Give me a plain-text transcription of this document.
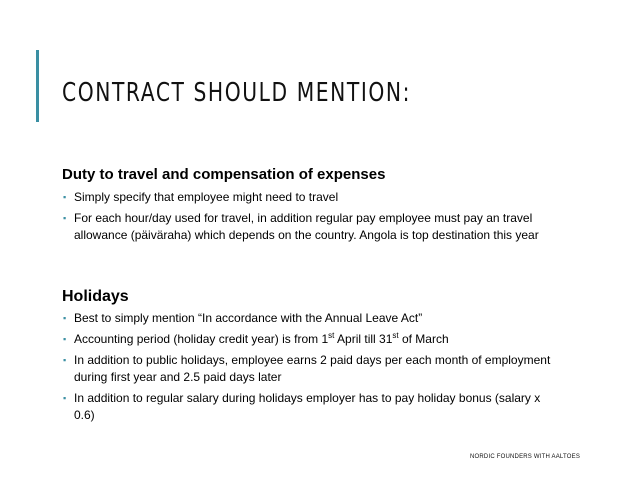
CONTRACT SHOULD MENTION:
Duty to travel and compensation of expenses
▪ Simply specify that employee might need to travel
▪ For each hour/day used for travel, in addition regular pay employee must pay an travel allowance (päiväraha) which depends on the country. Angola is top destination this year
Holidays
▪ Best to simply mention “In accordance with the Annual Leave Act”
▪ Accounting period (holiday credit year) is from 1st April till 31st of March
▪ In addition to public holidays, employee earns 2 paid days per each month of employment during first year and 2.5 paid days later
▪ In addition to regular salary during holidays employer has to pay holiday bonus (salary x 0.6)
NORDIC FOUNDERS WITH AALTOES
